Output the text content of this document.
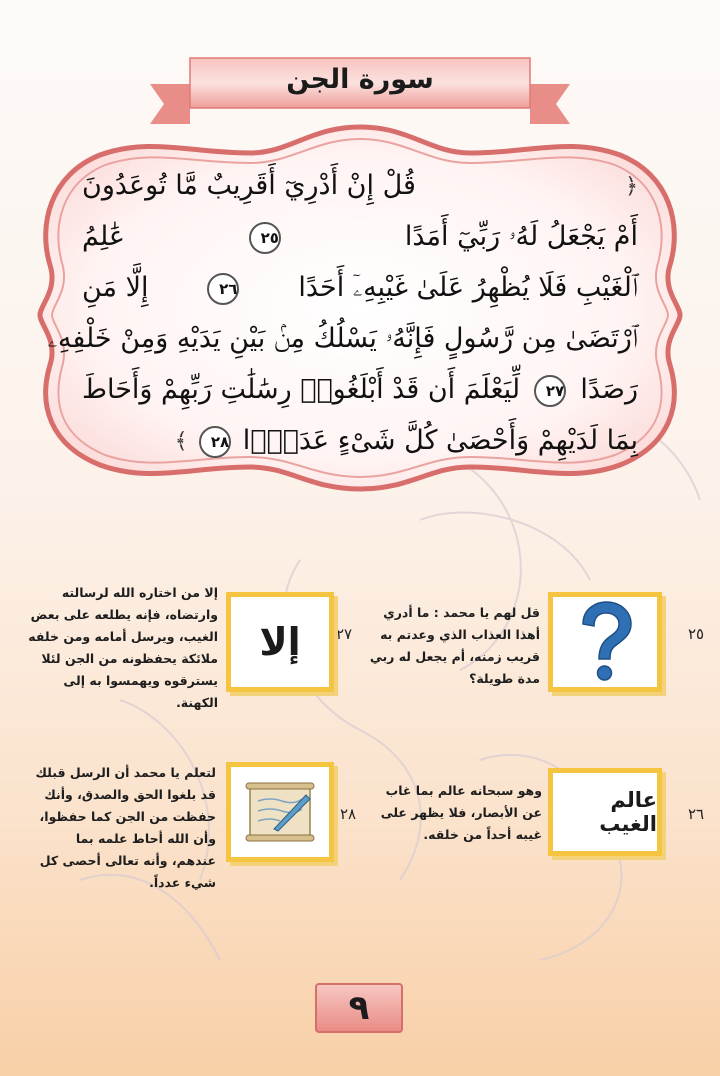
سورة الجن
﴿ قُلْ إِنْ أَدْرِيٓ أَقَرِيبٌ مَّا تُوعَدُونَ
أَمْ يَجْعَلُ لَهُۥ رَبِّيٓ أَمَدًا ٢٥ عَٰلِمُ
ٱلْغَيْبِ فَلَا يُظْهِرُ عَلَىٰ غَيْبِهِۦٓ أَحَدًا ٢٦ إِلَّا مَنِ
ٱرْتَضَىٰ مِن رَّسُولٍ فَإِنَّهُۥ يَسْلُكُ مِنۢ بَيْنِ يَدَيْهِ وَمِنْ خَلْفِهِۦ
رَصَدًا ٢٧ لِّيَعْلَمَ أَن قَدْ أَبْلَغُوا۟ رِسَٰلَٰتِ رَبِّهِمْ وَأَحَاطَ
بِمَا لَدَيْهِمْ وَأَحْصَىٰ كُلَّ شَىْءٍ عَدَدًۢا ٢٨ ﴾
٢٥
قل لهم يا محمد : ما أدري أهذا العذاب الذي وعدتم به قريب زمنه، أم يجعل له ربي مدة طويلة؟
٢٧
إلا
إلا من اختاره الله لرسالته وارتضاه، فإنه يطلعه على بعض الغيب، ويرسل أمامه ومن خلفه ملائكة يحفظونه من الجن لئلا يسترقوه ويهمسوا به إلى الكهنة.
٢٦
عالم الغيب
وهو سبحانه عالم بما غاب عن الأبصار، فلا يظهر على غيبه أحداً من خلقه.
٢٨
لتعلم يا محمد أن الرسل قبلك قد بلغوا الحق والصدق، وأنك حفظت من الجن كما حفظوا، وأن الله أحاط علمه بما عندهم، وأنه تعالى أحصى كل شيء عدداً.
٩
